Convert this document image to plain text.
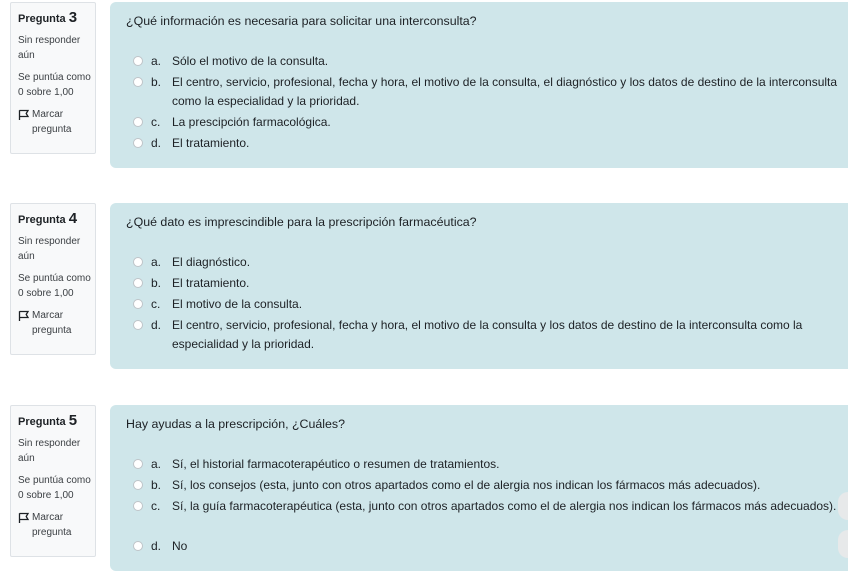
Pregunta 3
Sin responder aún
Se puntúa como 0 sobre 1,00
Marcar pregunta
¿Qué información es necesaria para solicitar una interconsulta?
a. Sólo el motivo de la consulta.
b. El centro, servicio, profesional, fecha y hora, el motivo de la consulta, el diagnóstico y los datos de destino de la interconsulta como la especialidad y la prioridad.
c. La prescipción farmacológica.
d. El tratamiento.
Pregunta 4
Sin responder aún
Se puntúa como 0 sobre 1,00
Marcar pregunta
¿Qué dato es imprescindible para la prescripción farmacéutica?
a. El diagnóstico.
b. El tratamiento.
c. El motivo de la consulta.
d. El centro, servicio, profesional, fecha y hora, el motivo de la consulta y los datos de destino de la interconsulta como la especialidad y la prioridad.
Pregunta 5
Sin responder aún
Se puntúa como 0 sobre 1,00
Marcar pregunta
Hay ayudas a la prescripción, ¿Cuáles?
a. Sí, el historial farmacoterapéutico o resumen de tratamientos.
b. Sí, los consejos (esta, junto con otros apartados como el de alergia nos indican los fármacos más adecuados).
c. Sí, la guía farmacoterapéutica (esta, junto con otros apartados como el de alergia nos indican los fármacos más adecuados).
d. No
